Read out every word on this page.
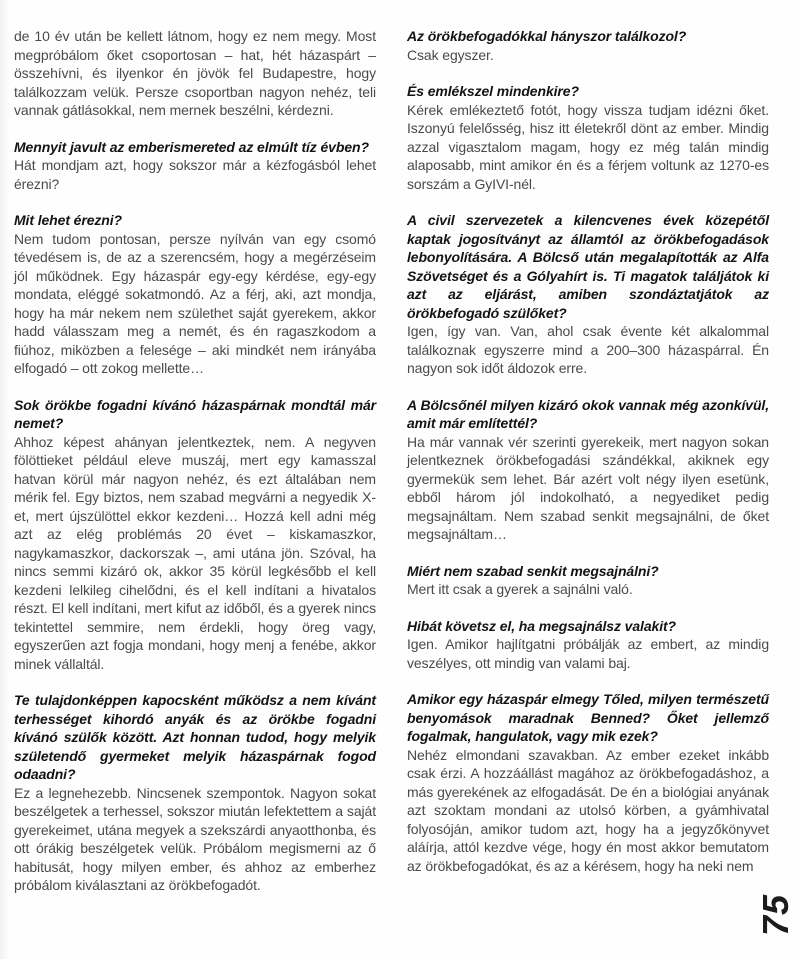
de 10 év után be kellett látnom, hogy ez nem megy. Most megpróbálom őket csoportosan – hat, hét házaspárt – összehívni, és ilyenkor én jövök fel Budapestre, hogy találkozzam velük. Persze csoportban nagyon nehéz, teli vannak gátlásokkal, nem mernek beszélni, kérdezni.

Mennyit javult az emberismereted az elmúlt tíz évben?

Hát mondjam azt, hogy sokszor már a kézfogásból lehet érezni?

Mit lehet érezni?

Nem tudom pontosan, persze nyílván van egy csomó tévedésem is, de az a szerencsém, hogy a megérzéseim jól működnek. Egy házaspár egy-egy kérdése, egy-egy mondata, eléggé sokatmondó. Az a férj, aki, azt mondja, hogy ha már nekem nem születhet saját gyerekem, akkor hadd válasszam meg a nemét, és én ragaszkodom a fiúhoz, miközben a felesége – aki mindkét nem irányába elfogadó – ott zokog mellette…

Sok örökbe fogadni kívánó házaspárnak mondtál már nemet?

Ahhoz képest ahányan jelentkeztek, nem. A negyven fölöttieket például eleve muszáj, mert egy kamasszal hatvan körül már nagyon nehéz, és ezt általában nem mérik fel. Egy biztos, nem szabad megvárni a negyedik X-et, mert újszülöttel ekkor kezdeni… Hozzá kell adni még azt az elég problémás 20 évet – kiskamaszkor, nagykamaszkor, dackorszak –, ami utána jön. Szóval, ha nincs semmi kizáró ok, akkor 35 körül legkésőbb el kell kezdeni lelkileg cihelődni, és el kell indítani a hivatalos részt. El kell indítani, mert kifut az időből, és a gyerek nincs tekintettel semmire, nem érdekli, hogy öreg vagy, egyszerűen azt fogja mondani, hogy menj a fenébe, akkor minek vállaltál.

Te tulajdonképpen kapocsként működsz a nem kívánt terhességet kihordó anyák és az örökbe fogadni kívánó szülők között. Azt honnan tudod, hogy melyik születendő gyermeket melyik házaspárnak fogod odaadni?

Ez a legnehezebb. Nincsenek szempontok. Nagyon sokat beszélgetek a terhessel, sokszor miután lefektettem a saját gyerekeimet, utána megyek a szekszárdi anyaotthonba, és ott órákig beszélgetek velük. Próbálom megismerni az ő habitusát, hogy milyen ember, és ahhoz az emberhez próbálom kiválasztani az örökbefogadót.

Az örökbefogadókkal hányszor találkozol?

Csak egyszer.

És emlékszel mindenkire?

Kérek emlékeztető fotót, hogy vissza tudjam idézni őket. Iszonyú felelősség, hisz itt életekről dönt az ember. Mindig azzal vigasztalom magam, hogy ez még talán mindig alaposabb, mint amikor én és a férjem voltunk az 1270-es sorszám a GyIVI-nél.

A civil szervezetek a kilencvenes évek közepétől kaptak jogosítványt az államtól az örökbefogadások lebonyolítására. A Bölcső után megalapították az Alfa Szövetséget és a Gólyahírt is. Ti magatok találjátok ki azt az eljárást, amiben szondáztatjátok az örökbefogadó szülőket?

Igen, így van. Van, ahol csak évente két alkalommal találkoznak egyszerre mind a 200–300 házaspárral. Én nagyon sok időt áldozok erre.

A Bölcsőnél milyen kizáró okok vannak még azonkívül, amit már említettél?

Ha már vannak vér szerinti gyerekeik, mert nagyon sokan jelentkeznek örökbefogadási szándékkal, akiknek egy gyermekük sem lehet. Bár azért volt négy ilyen esetünk, ebből három jól indokolható, a negyediket pedig megsajnáltam. Nem szabad senkit megsajnálni, de őket megsajnáltam…

Miért nem szabad senkit megsajnálni?

Mert itt csak a gyerek a sajnálni való.

Hibát követsz el, ha megsajnálsz valakit?

Igen. Amikor hajlítgatni próbálják az embert, az mindig veszélyes, ott mindig van valami baj.

Amikor egy házaspár elmegy Tőled, milyen természetű benyomások maradnak Benned? Őket jellemző fogalmak, hangulatok, vagy mik ezek?

Nehéz elmondani szavakban. Az ember ezeket inkább csak érzi. A hozzáállást magához az örökbefogadáshoz, a más gyerekének az elfogadását. De én a biológiai anyának azt szoktam mondani az utolsó körben, a gyámhivatal folyosóján, amikor tudom azt, hogy ha a jegyzőkönyvet aláírja, attól kezdve vége, hogy én most akkor bemutatom az örökbefogadókat, és az a kérésem, hogy ha neki nem

75
